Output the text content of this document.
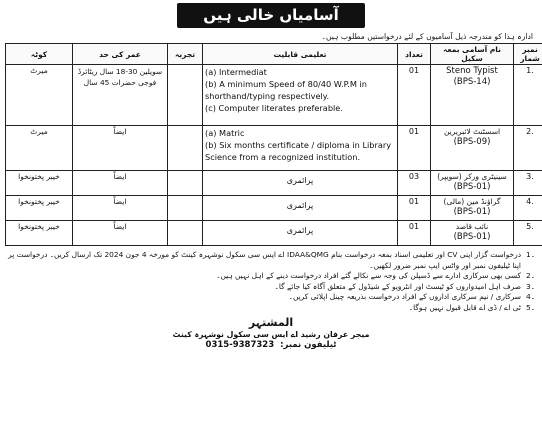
آسامیاں خالی ہیں
ادارہ ہذا کو مندرجہ ذیل آسامیوں کے لئے درخواستیں مطلوب ہیں۔
کوٹہ	عمر کی حد	تجربہ	تعلیمی قابلیت	تعداد	نام آسامی بمعہ سکیل	نمبر شمار

میرٹ	سویلین 30-18 سال ریٹائرڈ فوجی حضرات 45 سال		(a) Intermediat
(b) A minimum Speed of 80/40 W.P.M in
shorthand/typing respectively.
(c) Computer literates preferable.	01	Steno Typist
(BPS-14)	1.

میرٹ	ایضاً		(a) Matric
(b) Six months certificate / diploma in Library
Science from a recognized institution.	01	اسسٹنٹ لائبریرین
(BPS-09)	2.

خیبر پختونخوا	ایضاً		پرائمری	03	سینیٹری ورکر (سویپر)
(BPS-01)	3.

خیبر پختونخوا	ایضاً		پرائمری	01	گراؤنڈ مین (مالی)
(BPS-01)	4.

خیبر پختونخوا	ایضاً		پرائمری	01	نائب قاصد
(BPS-01)	5.
۔1
درخواست گزار اپنی CV اور تعلیمی اسناد بمعہ درخواست بنام IDAA&QMG اے ایس سی سکول نوشہرہ کینٹ کو مورخہ 4 جون 2024 تک ارسال کریں۔ درخواست پر اپنا ٹیلیفون نمبر اور واٹس ایپ نمبر ضرور لکھیں۔
۔2
کسی بھی سرکاری ادارے سے ڈسپلن کی وجہ سے نکالے گئے افراد درخواست دینے کے اہل نہیں ہیں۔
۔3
صرف اہل امیدواروں کو ٹیسٹ اور انٹرویو کے شیڈول کے متعلق آگاہ کیا جائے گا۔
۔4
سرکاری / نیم سرکاری اداروں کے افراد درخواست بذریعہ چینل اپلائی کریں۔
۔5
ٹی اے / ڈی اے قابل قبول نہیں ہوگا۔
المشتہر
میجر عرفان رشید اے ایس سی سکول نوشہرہ کینٹ
0315-9387323 ٹیلیفون نمبر:
